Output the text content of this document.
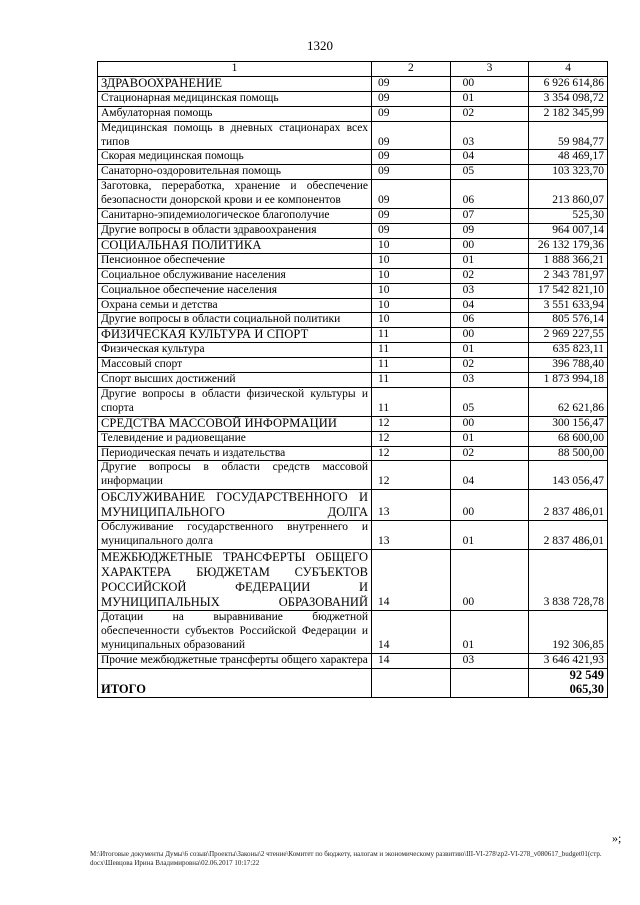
1320
1	2	3	4
ЗДРАВООХРАНЕНИЕ	09	00	6 926 614,86
Стационарная медицинская помощь	09	01	3 354 098,72
Амбулаторная помощь	09	02	2 182 345,99
Медицинская помощь в дневных стационарах всех типов	09	03	59 984,77
Скорая медицинская помощь	09	04	48 469,17
Санаторно-оздоровительная помощь	09	05	103 323,70
Заготовка, переработка, хранение и обеспечение безопасности донорской крови и ее компонентов	09	06	213 860,07
Санитарно-эпидемиологическое благополучие	09	07	525,30
Другие вопросы в области здравоохранения	09	09	964 007,14
СОЦИАЛЬНАЯ ПОЛИТИКА	10	00	26 132 179,36
Пенсионное обеспечение	10	01	1 888 366,21
Социальное обслуживание населения	10	02	2 343 781,97
Социальное обеспечение населения	10	03	17 542 821,10
Охрана семьи и детства	10	04	3 551 633,94
Другие вопросы в области социальной политики	10	06	805 576,14
ФИЗИЧЕСКАЯ КУЛЬТУРА И СПОРТ	11	00	2 969 227,55
Физическая культура	11	01	635 823,11
Массовый спорт	11	02	396 788,40
Спорт высших достижений	11	03	1 873 994,18
Другие вопросы в области физической культуры и спорта	11	05	62 621,86
СРЕДСТВА МАССОВОЙ ИНФОРМАЦИИ	12	00	300 156,47
Телевидение и радиовещание	12	01	68 600,00
Периодическая печать и издательства	12	02	88 500,00
Другие вопросы в области средств массовой информации	12	04	143 056,47
ОБСЛУЖИВАНИЕ ГОСУДАРСТВЕННОГО И МУНИЦИПАЛЬНОГО ДОЛГА	13	00	2 837 486,01
Обслуживание государственного внутреннего и муниципального долга	13	01	2 837 486,01
МЕЖБЮДЖЕТНЫЕ ТРАНСФЕРТЫ ОБЩЕГО ХАРАКТЕРА БЮДЖЕТАМ СУБЪЕКТОВ РОССИЙСКОЙ ФЕДЕРАЦИИ И МУНИЦИПАЛЬНЫХ ОБРАЗОВАНИЙ	14	00	3 838 728,78
Дотации на выравнивание бюджетной обеспеченности субъектов Российской Федерации и муниципальных образований	14	01	192 306,85
Прочие межбюджетные трансферты общего характера	14	03	3 646 421,93
ИТОГО			92 549 065,30
»;
M:\Итоговые документы Думы\6 созыв\Проекты\Законы\2 чтение\Комитет по бюджету, налогам и экономическому развитию\III-VI-278\zp2-VI-278_v080617_budget01(стр. docx\Шевцова Ирина Владимировна\02.06.2017 10:17:22
